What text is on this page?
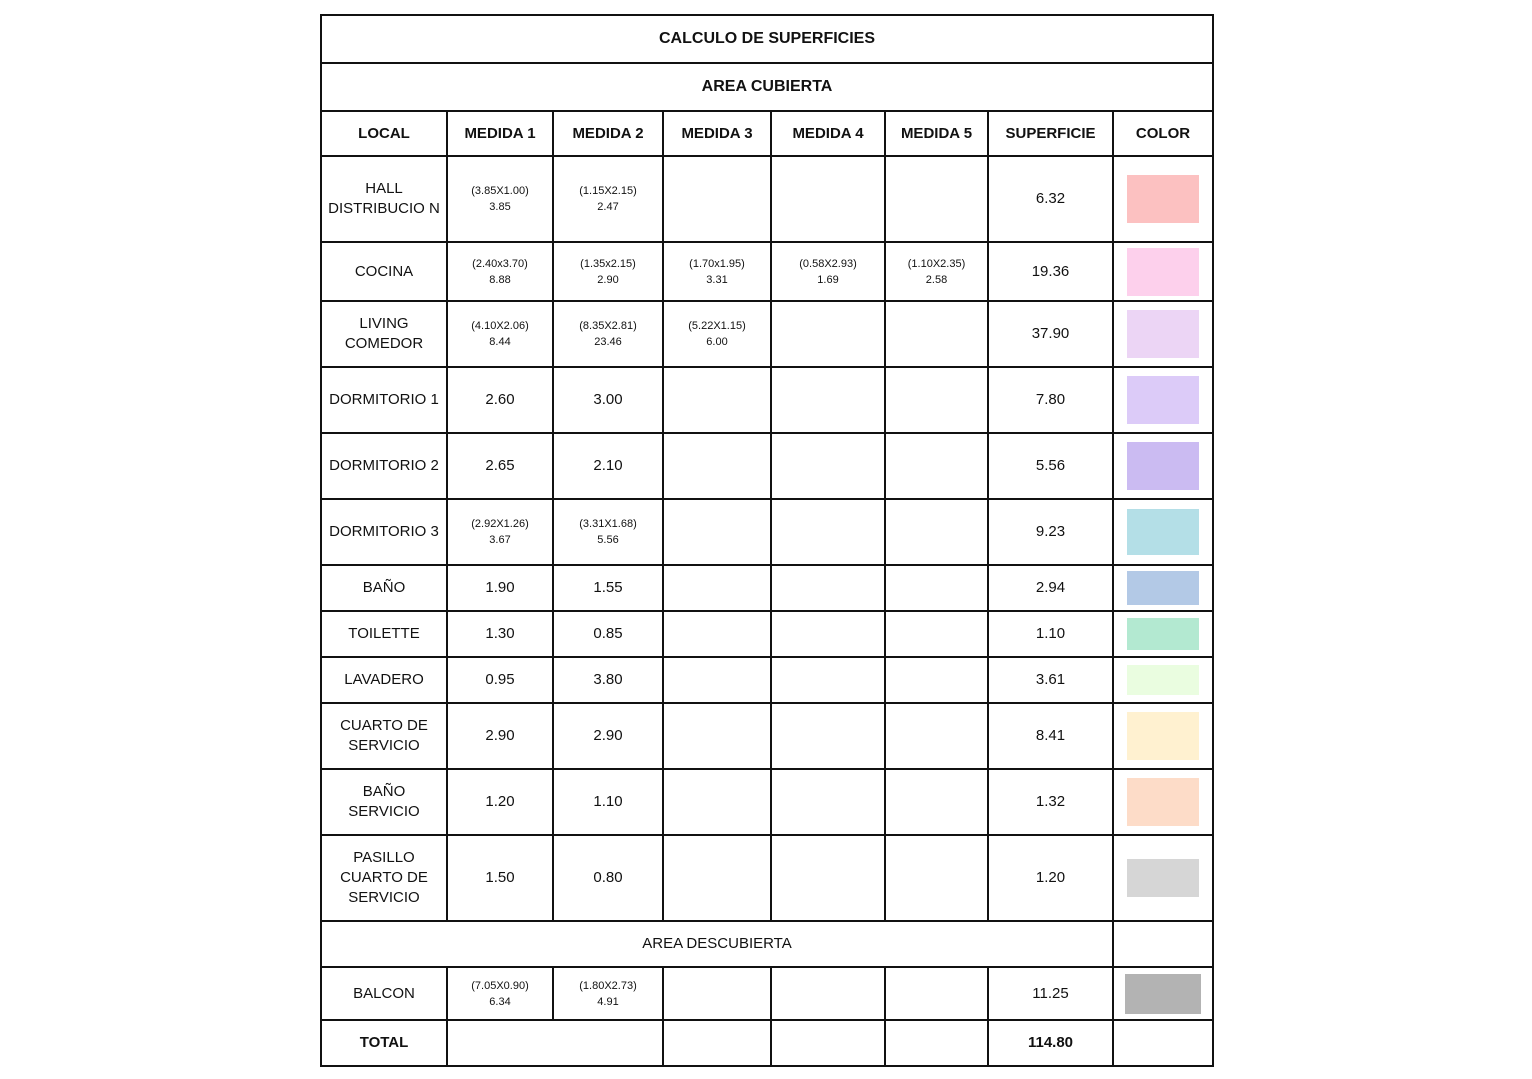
CALCULO DE SUPERFICIES							
AREA CUBIERTA							
LOCAL	MEDIDA 1	MEDIDA 2	MEDIDA 3	MEDIDA 4	MEDIDA 5	SUPERFICIE	COLOR
HALL DISTRIBUCIO N	(3.85X1.00)
3.85	(1.15X2.15)
2.47				6.32	

COCINA	(2.40x3.70)
8.88	(1.35x2.15)
2.90	(1.70x1.95)
3.31	(0.58X2.93)
1.69	(1.10X2.35)
2.58	19.36	

LIVING COMEDOR	(4.10X2.06)
8.44	(8.35X2.81)
23.46	(5.22X1.15)
6.00			37.90	

DORMITORIO 1	2.60	3.00				7.80	

DORMITORIO 2	2.65	2.10				5.56	

DORMITORIO 3	(2.92X1.26)
3.67	(3.31X1.68)
5.56				9.23	

BAÑO	1.90	1.55				2.94	

TOILETTE	1.30	0.85				1.10	

LAVADERO	0.95	3.80				3.61	

CUARTO DE SERVICIO	2.90	2.90				8.41	

BAÑO SERVICIO	1.20	1.10				1.32	

PASILLO CUARTO DE SERVICIO	1.50	0.80				1.20	

AREA DESCUBIERTA							
BALCON	(7.05X0.90)
6.34	(1.80X2.73)
4.91				11.25	

TOTAL						114.80	
